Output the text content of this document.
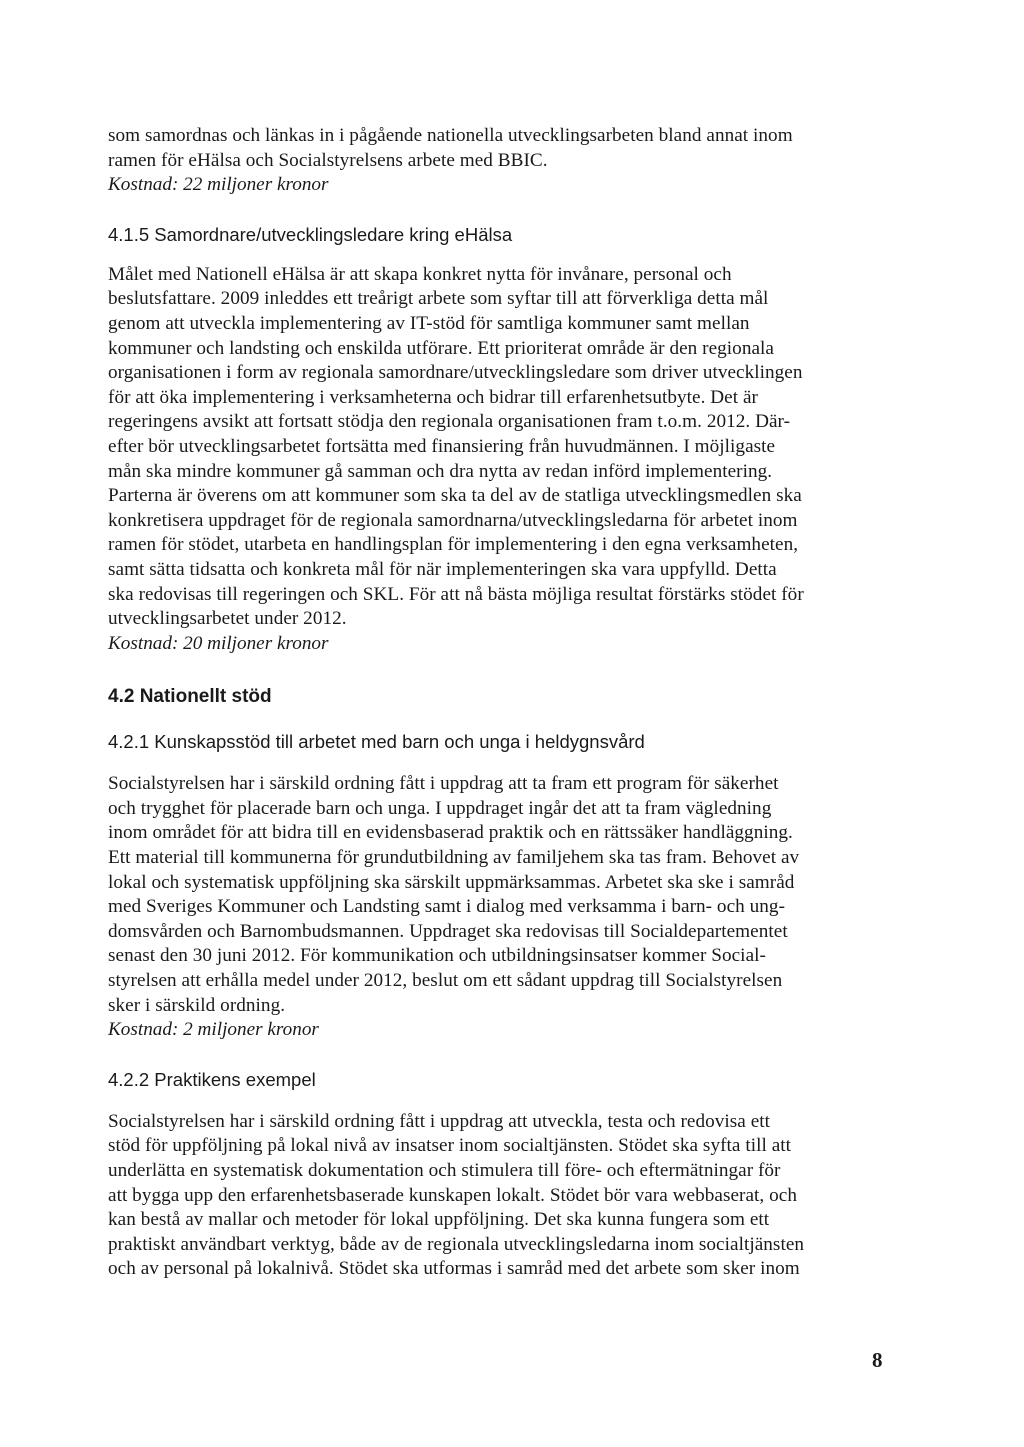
som samordnas och länkas in i pågående nationella utvecklingsarbeten bland annat inom
ramen för eHälsa och Socialstyrelsens arbete med BBIC.

Kostnad: 22 miljoner kronor

4.1.5 Samordnare/utvecklingsledare kring eHälsa

Målet med Nationell eHälsa är att skapa konkret nytta för invånare, personal och
beslutsfattare. 2009 inleddes ett treårigt arbete som syftar till att förverkliga detta mål
genom att utveckla implementering av IT-stöd för samtliga kommuner samt mellan
kommuner och landsting och enskilda utförare. Ett prioriterat område är den regionala
organisationen i form av regionala samordnare/utvecklingsledare som driver utvecklingen
för att öka implementering i verksamheterna och bidrar till erfarenhetsutbyte. Det är
regeringens avsikt att fortsatt stödja den regionala organisationen fram t.o.m. 2012. Där-
efter bör utvecklingsarbetet fortsätta med finansiering från huvudmännen. I möjligaste
mån ska mindre kommuner gå samman och dra nytta av redan införd implementering.
Parterna är överens om att kommuner som ska ta del av de statliga utvecklingsmedlen ska
konkretisera uppdraget för de regionala samordnarna/utvecklingsledarna för arbetet inom
ramen för stödet, utarbeta en handlingsplan för implementering i den egna verksamheten,
samt sätta tidsatta och konkreta mål för när implementeringen ska vara uppfylld. Detta
ska redovisas till regeringen och SKL. För att nå bästa möjliga resultat förstärks stödet för
utvecklingsarbetet under 2012.

Kostnad: 20 miljoner kronor

4.2 Nationellt stöd
4.2.1 Kunskapsstöd till arbetet med barn och unga i heldygnsvård

Socialstyrelsen har i särskild ordning fått i uppdrag att ta fram ett program för säkerhet
och trygghet för placerade barn och unga. I uppdraget ingår det att ta fram vägledning
inom området för att bidra till en evidensbaserad praktik och en rättssäker handläggning.
Ett material till kommunerna för grundutbildning av familjehem ska tas fram. Behovet av
lokal och systematisk uppföljning ska särskilt uppmärksammas. Arbetet ska ske i samråd
med Sveriges Kommuner och Landsting samt i dialog med verksamma i barn- och ung-
domsvården och Barnombudsmannen. Uppdraget ska redovisas till Socialdepartementet
senast den 30 juni 2012. För kommunikation och utbildningsinsatser kommer Social-
styrelsen att erhålla medel under 2012, beslut om ett sådant uppdrag till Socialstyrelsen
sker i särskild ordning.

Kostnad: 2 miljoner kronor

4.2.2 Praktikens exempel

Socialstyrelsen har i särskild ordning fått i uppdrag att utveckla, testa och redovisa ett
stöd för uppföljning på lokal nivå av insatser inom socialtjänsten. Stödet ska syfta till att
underlätta en systematisk dokumentation och stimulera till före- och eftermätningar för
att bygga upp den erfarenhetsbaserade kunskapen lokalt. Stödet bör vara webbaserat, och
kan bestå av mallar och metoder för lokal uppföljning. Det ska kunna fungera som ett
praktiskt användbart verktyg, både av de regionala utvecklingsledarna inom socialtjänsten
och av personal på lokalnivå. Stödet ska utformas i samråd med det arbete som sker inom

8
